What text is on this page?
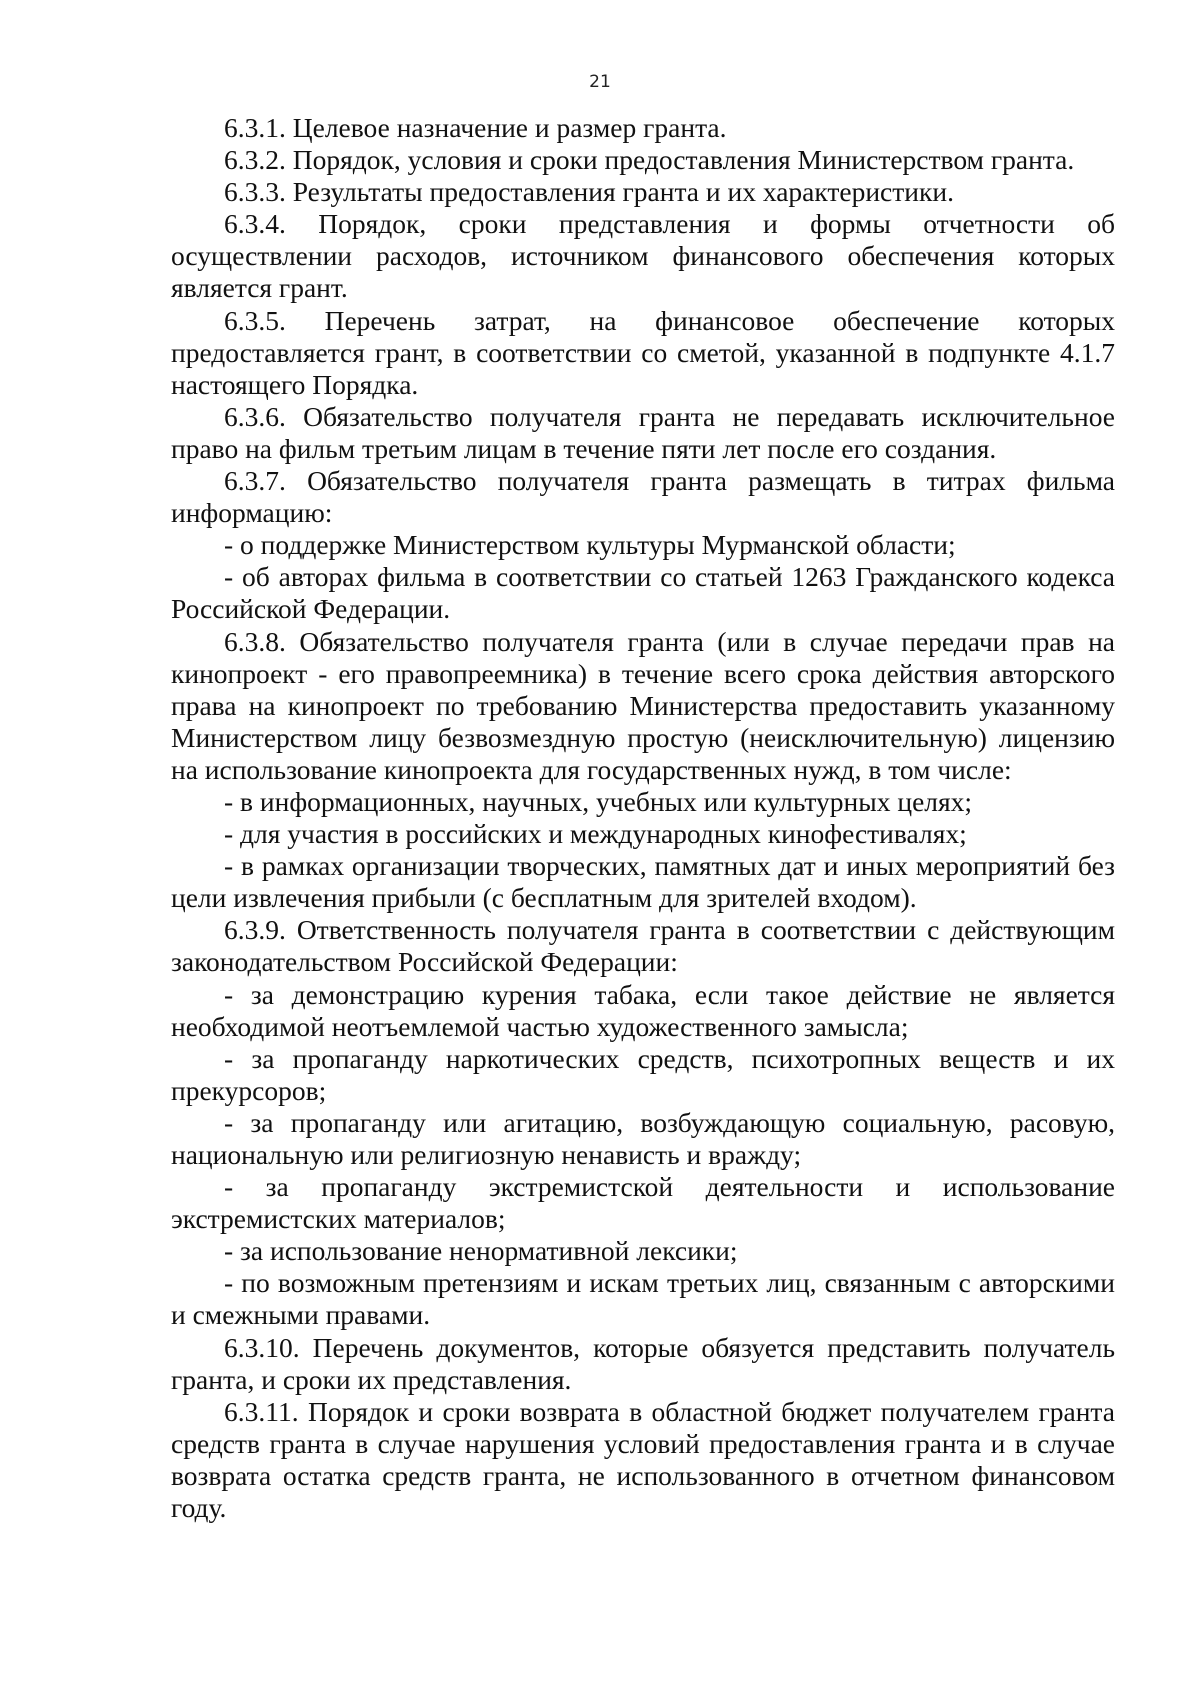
21

6.3.1. Целевое назначение и размер гранта.

6.3.2. Порядок, условия и сроки предоставления Министерством гранта.

6.3.3. Результаты предоставления гранта и их характеристики.

6.3.4. Порядок, сроки представления и формы отчетности об осуществлении расходов, источником финансового обеспечения которых является грант.

6.3.5. Перечень затрат, на финансовое обеспечение которых предоставляется грант, в соответствии со сметой, указанной в подпункте 4.1.7 настоящего Порядка.

6.3.6. Обязательство получателя гранта не передавать исключительное право на фильм третьим лицам в течение пяти лет после его создания.

6.3.7. Обязательство получателя гранта размещать в титрах фильма информацию:

- о поддержке Министерством культуры Мурманской области;

- об авторах фильма в соответствии со статьей 1263 Гражданского кодекса Российской Федерации.

6.3.8. Обязательство получателя гранта (или в случае передачи прав на кинопроект - его правопреемника) в течение всего срока действия авторского права на кинопроект по требованию Министерства предоставить указанному Министерством лицу безвозмездную простую (неисключительную) лицензию на использование кинопроекта для государственных нужд, в том числе:

- в информационных, научных, учебных или культурных целях;

- для участия в российских и международных кинофестивалях;

- в рамках организации творческих, памятных дат и иных мероприятий без цели извлечения прибыли (с бесплатным для зрителей входом).

6.3.9. Ответственность получателя гранта в соответствии с действующим законодательством Российской Федерации:

- за демонстрацию курения табака, если такое действие не является необходимой неотъемлемой частью художественного замысла;

- за пропаганду наркотических средств, психотропных веществ и их прекурсоров;

- за пропаганду или агитацию, возбуждающую социальную, расовую, национальную или религиозную ненависть и вражду;

- за пропаганду экстремистской деятельности и использование экстремистских материалов;

- за использование ненормативной лексики;

- по возможным претензиям и искам третьих лиц, связанным с авторскими и смежными правами.

6.3.10. Перечень документов, которые обязуется представить получатель гранта, и сроки их представления.

6.3.11. Порядок и сроки возврата в областной бюджет получателем гранта средств гранта в случае нарушения условий предоставления гранта и в случае возврата остатка средств гранта, не использованного в отчетном финансовом году.
